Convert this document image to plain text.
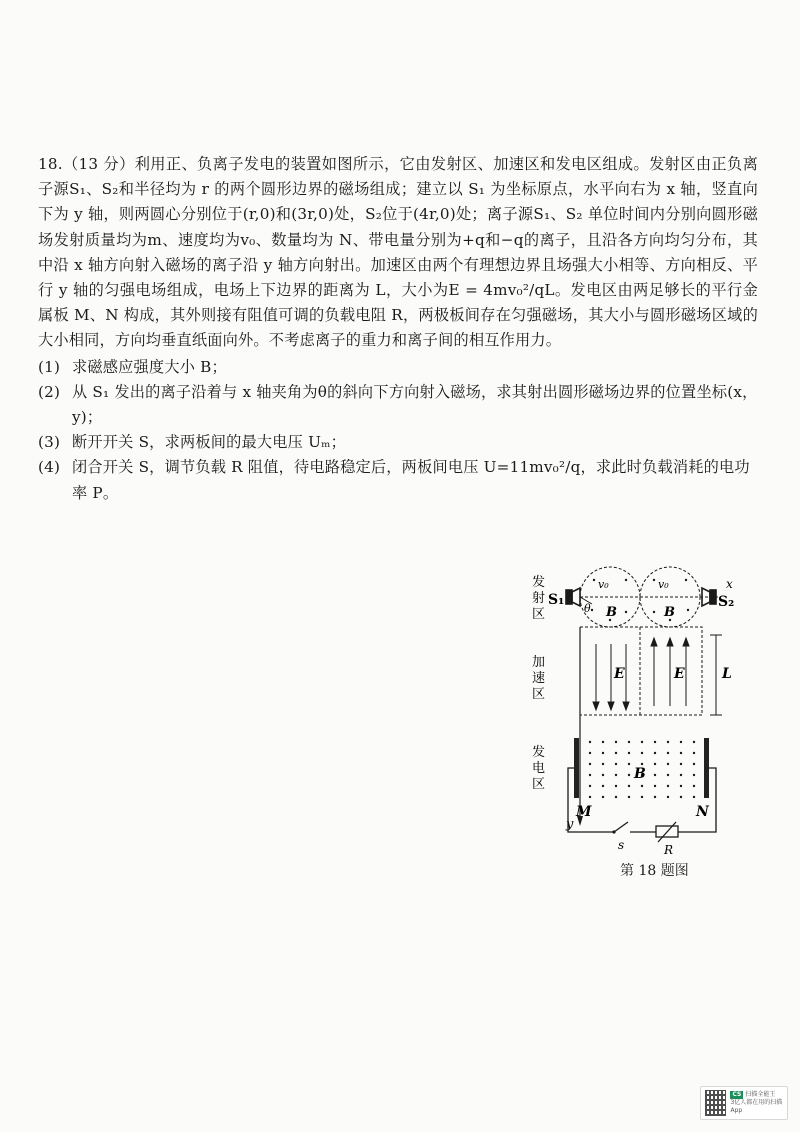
18.（13 分）利用正、负离子发电的装置如图所示，它由发射区、加速区和发电区组成。发射区由正负离子源S₁、S₂和半径均为 r 的两个圆形边界的磁场组成；建立以 S₁ 为坐标原点，水平向右为 x 轴，竖直向下为 y 轴，则两圆心分别位于(r,0)和(3r,0)处，S₂位于(4r,0)处；离子源S₁、S₂ 单位时间内分别向圆形磁场发射质量均为m、速度均为v₀、数量均为 N、带电量分别为+q和−q的离子，且沿各方向均匀分布，其中沿 x 轴方向射入磁场的离子沿 y 轴方向射出。加速区由两个有理想边界且场强大小相等、方向相反、平行 y 轴的匀强电场组成，电场上下边界的距离为 L，大小为E = 4mv₀²/qL。发电区由两足够长的平行金属板 M、N 构成，其外则接有阻值可调的负载电阻 R，两极板间存在匀强磁场，其大小与圆形磁场区域的大小相同，方向均垂直纸面向外。不考虑离子的重力和离子间的相互作用力。

(1) 求磁感应强度大小 B；

(2) 从 S₁ 发出的离子沿着与 x 轴夹角为θ的斜向下方向射入磁场，求其射出圆形磁场边界的位置坐标(x，y)；

(3) 断开开关 S，求两板间的最大电压 Uₘ；

(4) 闭合开关 S，调节负载 R 阻值，待电路稳定后，两板间电压 U=11mv₀²/q，求此时负载消耗的电功率 P。

发
射
区
加
速
区
发
电
区
S₁	S₂
x
v₀	v₀
θ B	B
E	E	L
y
B
M	N
s	R
第 18 题图
CS 扫描全能王
3亿人都在用的扫描App
